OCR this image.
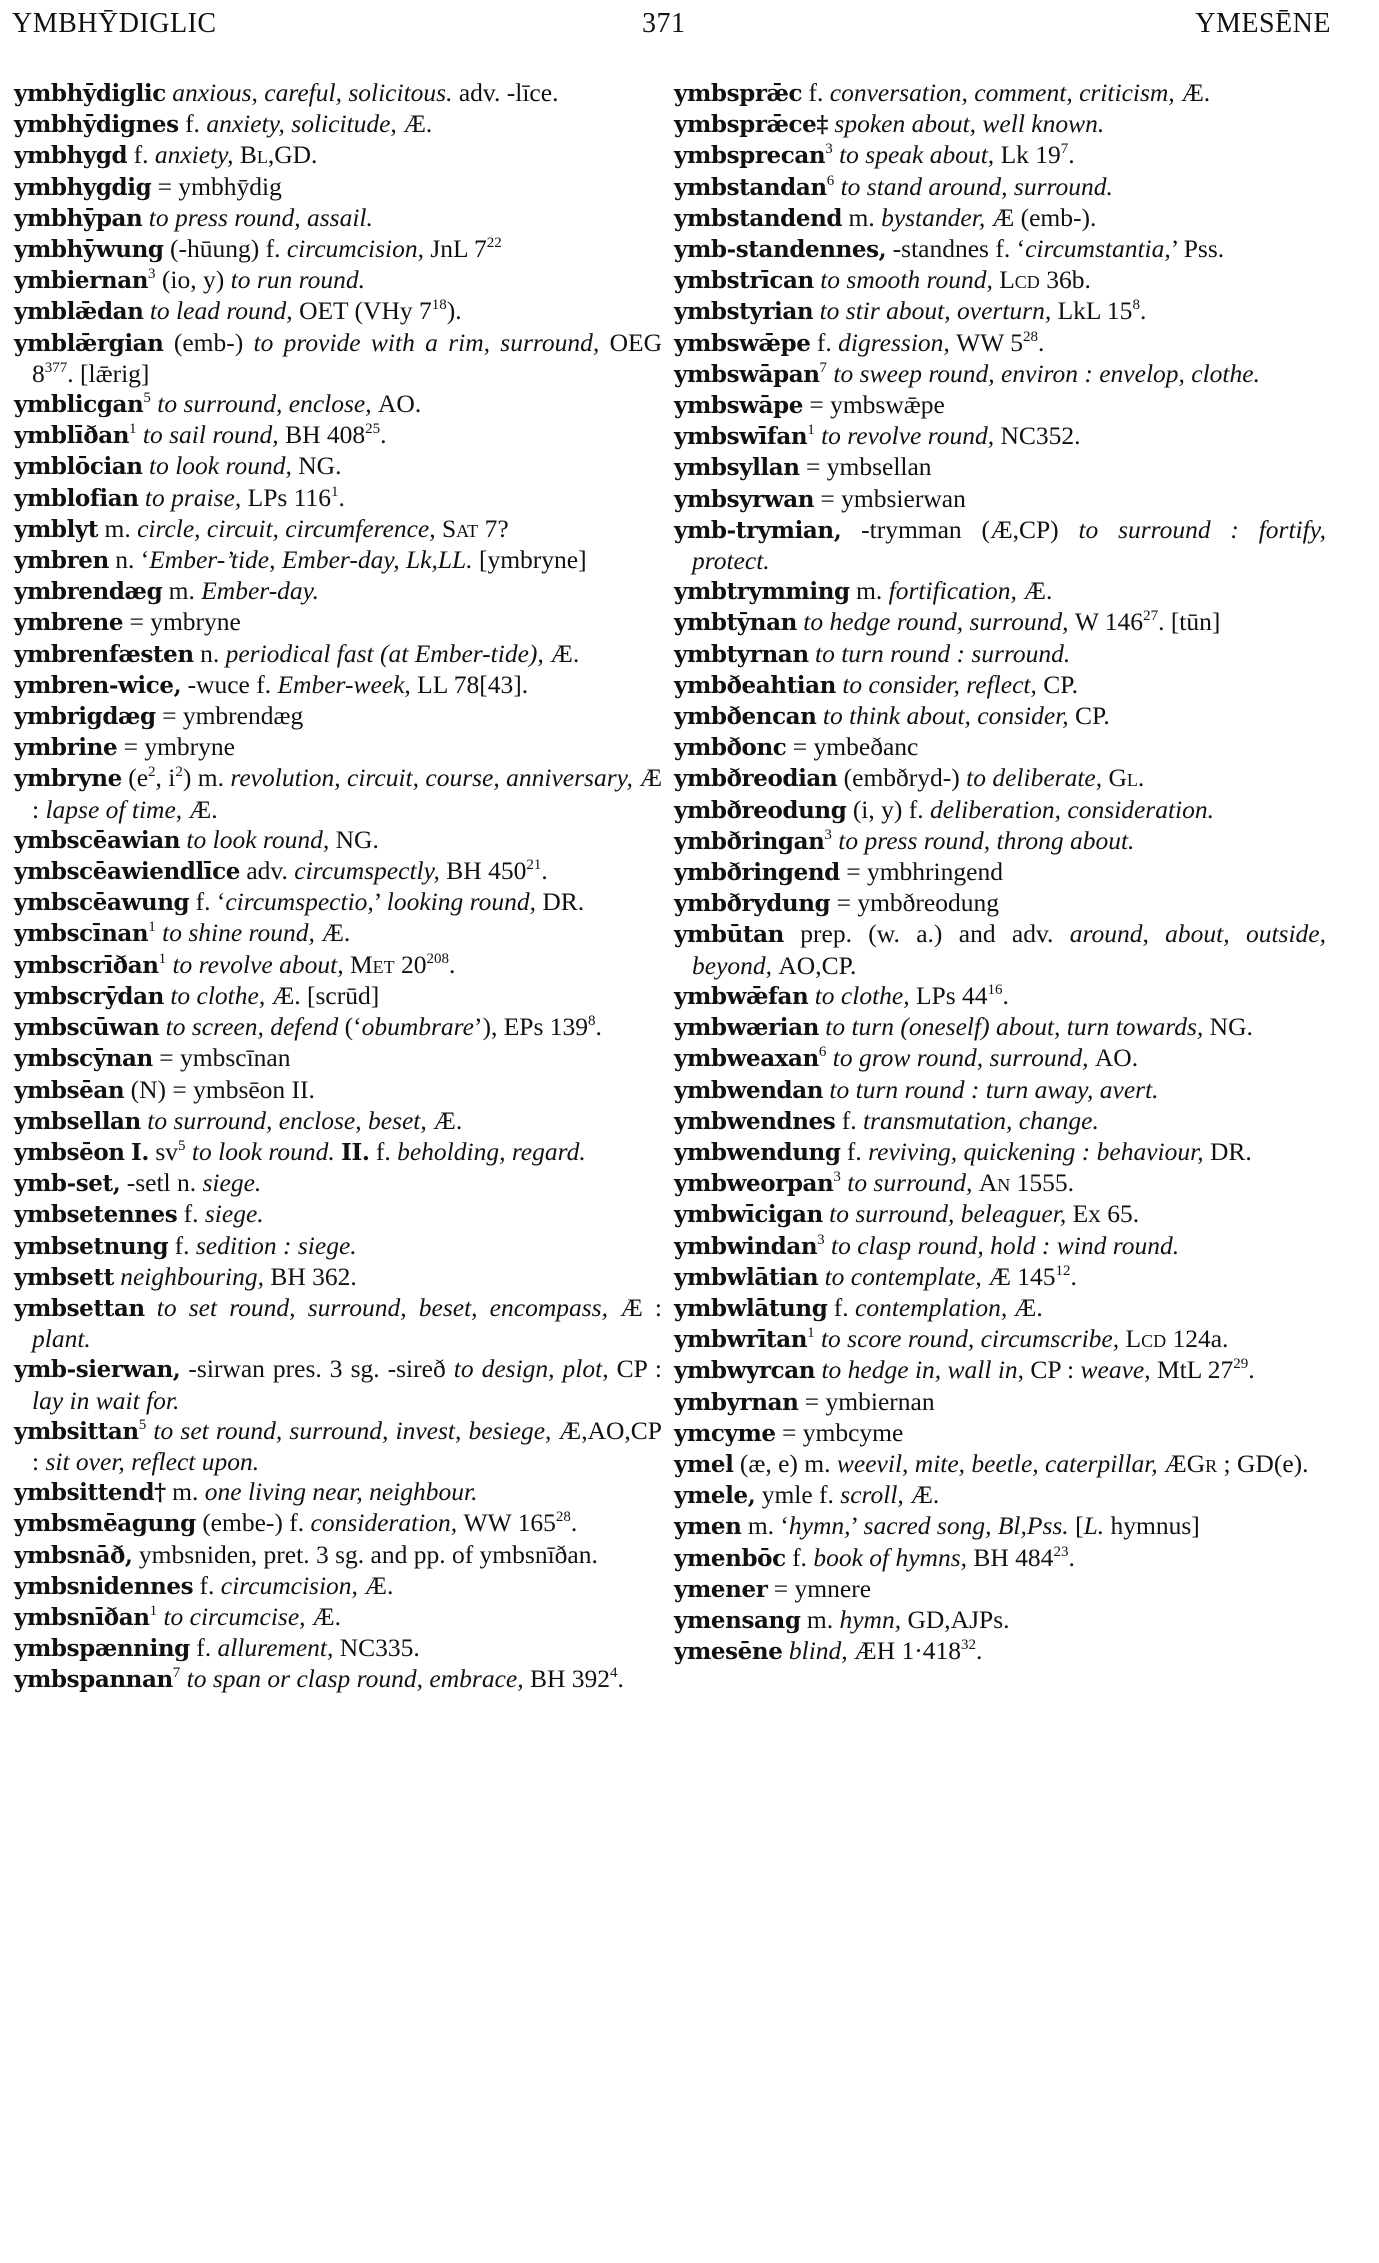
YMBHȲDIGLIC	371	YMESĒNE

ymbhȳdiglic anxious, careful, solicitous. adv. -līce.

ymbhȳdignes f. anxiety, solicitude, Æ.

ymbhygd f. anxiety, Bl,GD.

ymbhygdig = ymbhȳdig

ymbhȳpan to press round, assail.

ymbhȳwung (-hūung) f. circumcision, JnL $7^{22}$

ymbiernan$^3$ (io, y) to run round.

ymblǣdan to lead round, OET (VHy $7^{18}$).

ymblǣrgian (emb-) to provide with a rim, surround, OEG $8^{377}$. [lǣrig]

ymblicgan$^5$ to surround, enclose, AO.

ymblīðan$^1$ to sail round, BH $408^{25}$.

ymblōcian to look round, NG.

ymblofian to praise, LPs $116^1$.

ymblyt m. circle, circuit, circumference, Sat 7?

ymbren n. ‘Ember-’tide, Ember-day, Lk,LL. [ymbryne]

ymbrendæg m. Ember-day.

ymbrene = ymbryne

ymbrenfæsten n. periodical fast (at Ember-tide), Æ.

ymbren-wice, -wuce f. Ember-week, LL 78[43].

ymbrigdæg = ymbrendæg

ymbrine = ymbryne

ymbryne ($e^2$, $i^2$) m. revolution, circuit, course, anniversary, Æ : lapse of time, Æ.

ymbscēawian to look round, NG.

ymbscēawiendlīce adv. circumspectly, BH $450^{21}$.

ymbscēawung f. ‘circumspectio,’ looking round, DR.

ymbscīnan$^1$ to shine round, Æ.

ymbscrīðan$^1$ to revolve about, Met $20^{208}$.

ymbscrȳdan to clothe, Æ. [scrūd]

ymbscūwan to screen, defend (‘obumbrare’), EPs $139^8$.

ymbscȳnan = ymbscīnan

ymbsēan (N) = ymbsēon II.

ymbsellan to surround, enclose, beset, Æ.

ymbsēon I. $sv^5$ to look round. II. f. beholding, regard.

ymb-set, -setl n. siege.

ymbsetennes f. siege.

ymbsetnung f. sedition : siege.

ymbsett neighbouring, BH 362.

ymbsettan to set round, surround, beset, encompass, Æ : plant.

ymb-sierwan, -sirwan pres. 3 sg. -sireð to design, plot, CP : lay in wait for.

ymbsittan$^5$ to set round, surround, invest, besiege, Æ,AO,CP : sit over, reflect upon.

ymbsittend† m. one living near, neighbour.

ymbsmēagung (embe-) f. consideration, WW $165^{28}$.

ymbsnāð, ymbsniden, pret. 3 sg. and pp. of ymbsnīðan.

ymbsnidennes f. circumcision, Æ.

ymbsnīðan$^1$ to circumcise, Æ.

ymbspænning f. allurement, NC335.

ymbspannan$^7$ to span or clasp round, embrace, BH $392^4$.

ymbsprǣc f. conversation, comment, criticism, Æ.

ymbsprǣce‡ spoken about, well known.

ymbsprecan$^3$ to speak about, Lk $19^7$.

ymbstandan$^6$ to stand around, surround.

ymbstandend m. bystander, Æ (emb-).

ymb-standennes, -standnes f. ‘circumstantia,’ Pss.

ymbstrīcan to smooth round, Lcd 36b.

ymbstyrian to stir about, overturn, LkL $15^8$.

ymbswǣpe f. digression, WW $5^{28}$.

ymbswāpan$^7$ to sweep round, environ : envelop, clothe.

ymbswāpe = ymbswǣpe

ymbswīfan$^1$ to revolve round, NC352.

ymbsyllan = ymbsellan

ymbsyrwan = ymbsierwan

ymb-trymian, -trymman (Æ,CP) to surround : fortify, protect.

ymbtrymming m. fortification, Æ.

ymbtȳnan to hedge round, surround, W $146^{27}$. [tūn]

ymbtyrnan to turn round : surround.

ymbðeahtian to consider, reflect, CP.

ymbðencan to think about, consider, CP.

ymbðonc = ymbeðanc

ymbðreodian (embðryd-) to deliberate, Gl.

ymbðreodung (i, y) f. deliberation, consideration.

ymbðringan$^3$ to press round, throng about.

ymbðringend = ymbhringend

ymbðrydung = ymbðreodung

ymbūtan prep. (w. a.) and adv. around, about, outside, beyond, AO,CP.

ymbwǣfan to clothe, LPs $44^{16}$.

ymbwærian to turn (oneself) about, turn towards, NG.

ymbweaxan$^6$ to grow round, surround, AO.

ymbwendan to turn round : turn away, avert.

ymbwendnes f. transmutation, change.

ymbwendung f. reviving, quickening : behaviour, DR.

ymbweorpan$^3$ to surround, An 1555.

ymbwīcigan to surround, beleaguer, Ex 65.

ymbwindan$^3$ to clasp round, hold : wind round.

ymbwlātian to contemplate, Æ $145^{12}$.

ymbwlātung f. contemplation, Æ.

ymbwrītan$^1$ to score round, circumscribe, Lcd 124a.

ymbwyrcan to hedge in, wall in, CP : weave, MtL $27^{29}$.

ymbyrnan = ymbiernan

ymcyme = ymbcyme

ymel (æ, e) m. weevil, mite, beetle, caterpillar, ÆGr ; GD(e).

ymele, ymle f. scroll, Æ.

ymen m. ‘hymn,’ sacred song, Bl,Pss. [L. hymnus]

ymenbōc f. book of hymns, BH $484^{23}$.

ymener = ymnere

ymensang m. hymn, GD,AJPs.

ymesēne blind, ÆH $1\cdot 418^{32}$.
